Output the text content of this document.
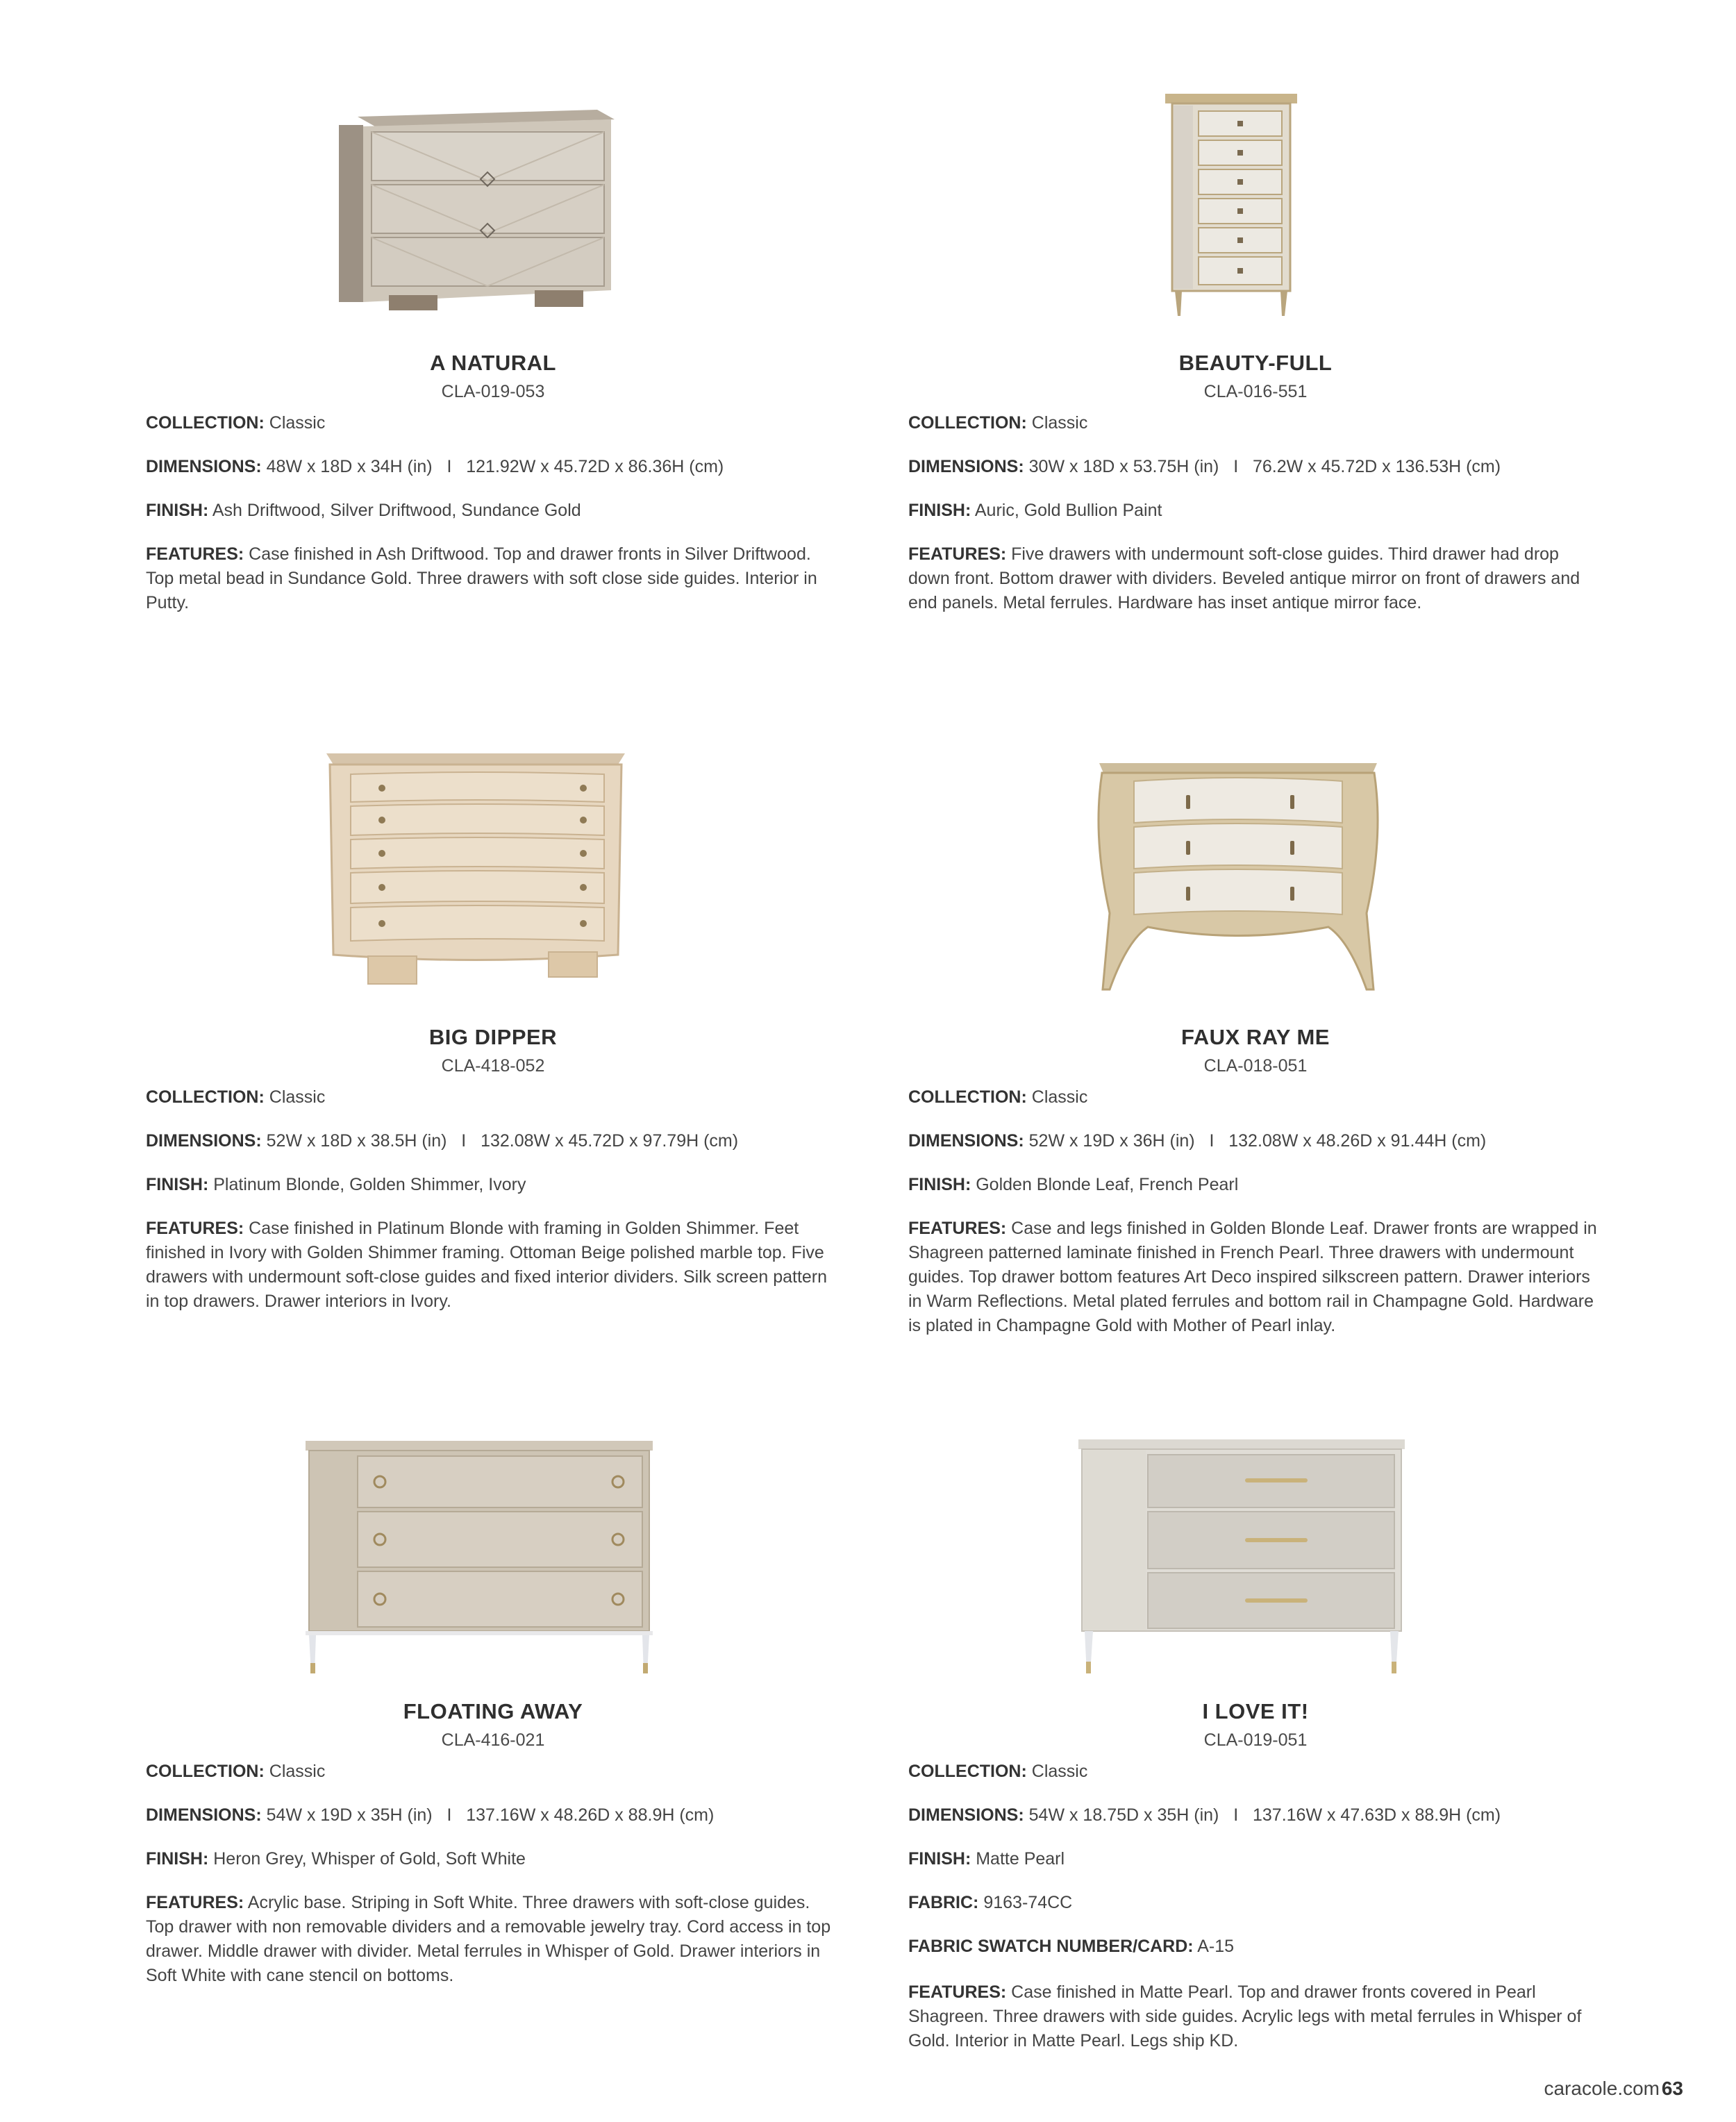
A NATURAL
CLA-019-053
COLLECTION: Classic
DIMENSIONS: 48W x 18D x 34H (in)   I   121.92W x 45.72D x 86.36H (cm)
FINISH: Ash Driftwood, Silver Driftwood, Sundance Gold
FEATURES: Case finished in Ash Driftwood. Top and drawer fronts in Silver Driftwood. Top metal bead in Sundance Gold. Three drawers with soft close side guides. Interior in Putty.
BEAUTY-FULL
CLA-016-551
COLLECTION: Classic
DIMENSIONS: 30W x 18D x 53.75H (in)   I   76.2W x 45.72D x 136.53H (cm)
FINISH: Auric, Gold Bullion Paint
FEATURES: Five drawers with undermount soft-close guides. Third drawer had drop down front. Bottom drawer with dividers. Beveled antique mirror on front of drawers and end panels. Metal ferrules. Hardware has inset antique mirror face.
BIG DIPPER
CLA-418-052
COLLECTION: Classic
DIMENSIONS: 52W x 18D x 38.5H (in)   I   132.08W x 45.72D x 97.79H (cm)
FINISH: Platinum Blonde, Golden Shimmer, Ivory
FEATURES: Case finished in Platinum Blonde with framing in Golden Shimmer. Feet finished in Ivory with Golden Shimmer framing. Ottoman Beige polished marble top. Five drawers with undermount soft-close guides and fixed interior dividers. Silk screen pattern in top drawers. Drawer interiors in Ivory.
FAUX RAY ME
CLA-018-051
COLLECTION: Classic
DIMENSIONS: 52W x 19D x 36H (in)   I   132.08W x 48.26D x 91.44H (cm)
FINISH: Golden Blonde Leaf, French Pearl
FEATURES: Case and legs finished in Golden Blonde Leaf. Drawer fronts are wrapped in Shagreen patterned laminate finished in French Pearl. Three drawers with undermount guides. Top drawer bottom features Art Deco inspired silkscreen pattern. Drawer interiors in Warm Reflections. Metal plated ferrules and bottom rail in Champagne Gold. Hardware is plated in Champagne Gold with Mother of Pearl inlay.
FLOATING AWAY
CLA-416-021
COLLECTION: Classic
DIMENSIONS: 54W x 19D x 35H (in)   I   137.16W x 48.26D x 88.9H (cm)
FINISH: Heron Grey, Whisper of Gold, Soft White
FEATURES: Acrylic base. Striping in Soft White. Three drawers with soft-close guides. Top drawer with non removable dividers and a removable jewelry tray. Cord access in top drawer. Middle drawer with divider. Metal ferrules in Whisper of Gold. Drawer interiors in Soft White with cane stencil on bottoms.
I LOVE IT!
CLA-019-051
COLLECTION: Classic
DIMENSIONS: 54W x 18.75D x 35H (in)   I   137.16W x 47.63D x 88.9H (cm)
FINISH: Matte Pearl
FABRIC: 9163-74CC
FABRIC SWATCH NUMBER/CARD: A-15
FEATURES: Case finished in Matte Pearl. Top and drawer fronts covered in Pearl Shagreen. Three drawers with side guides. Acrylic legs with metal ferrules in Whisper of Gold. Interior in Matte Pearl. Legs ship KD.
caracole.com 63
